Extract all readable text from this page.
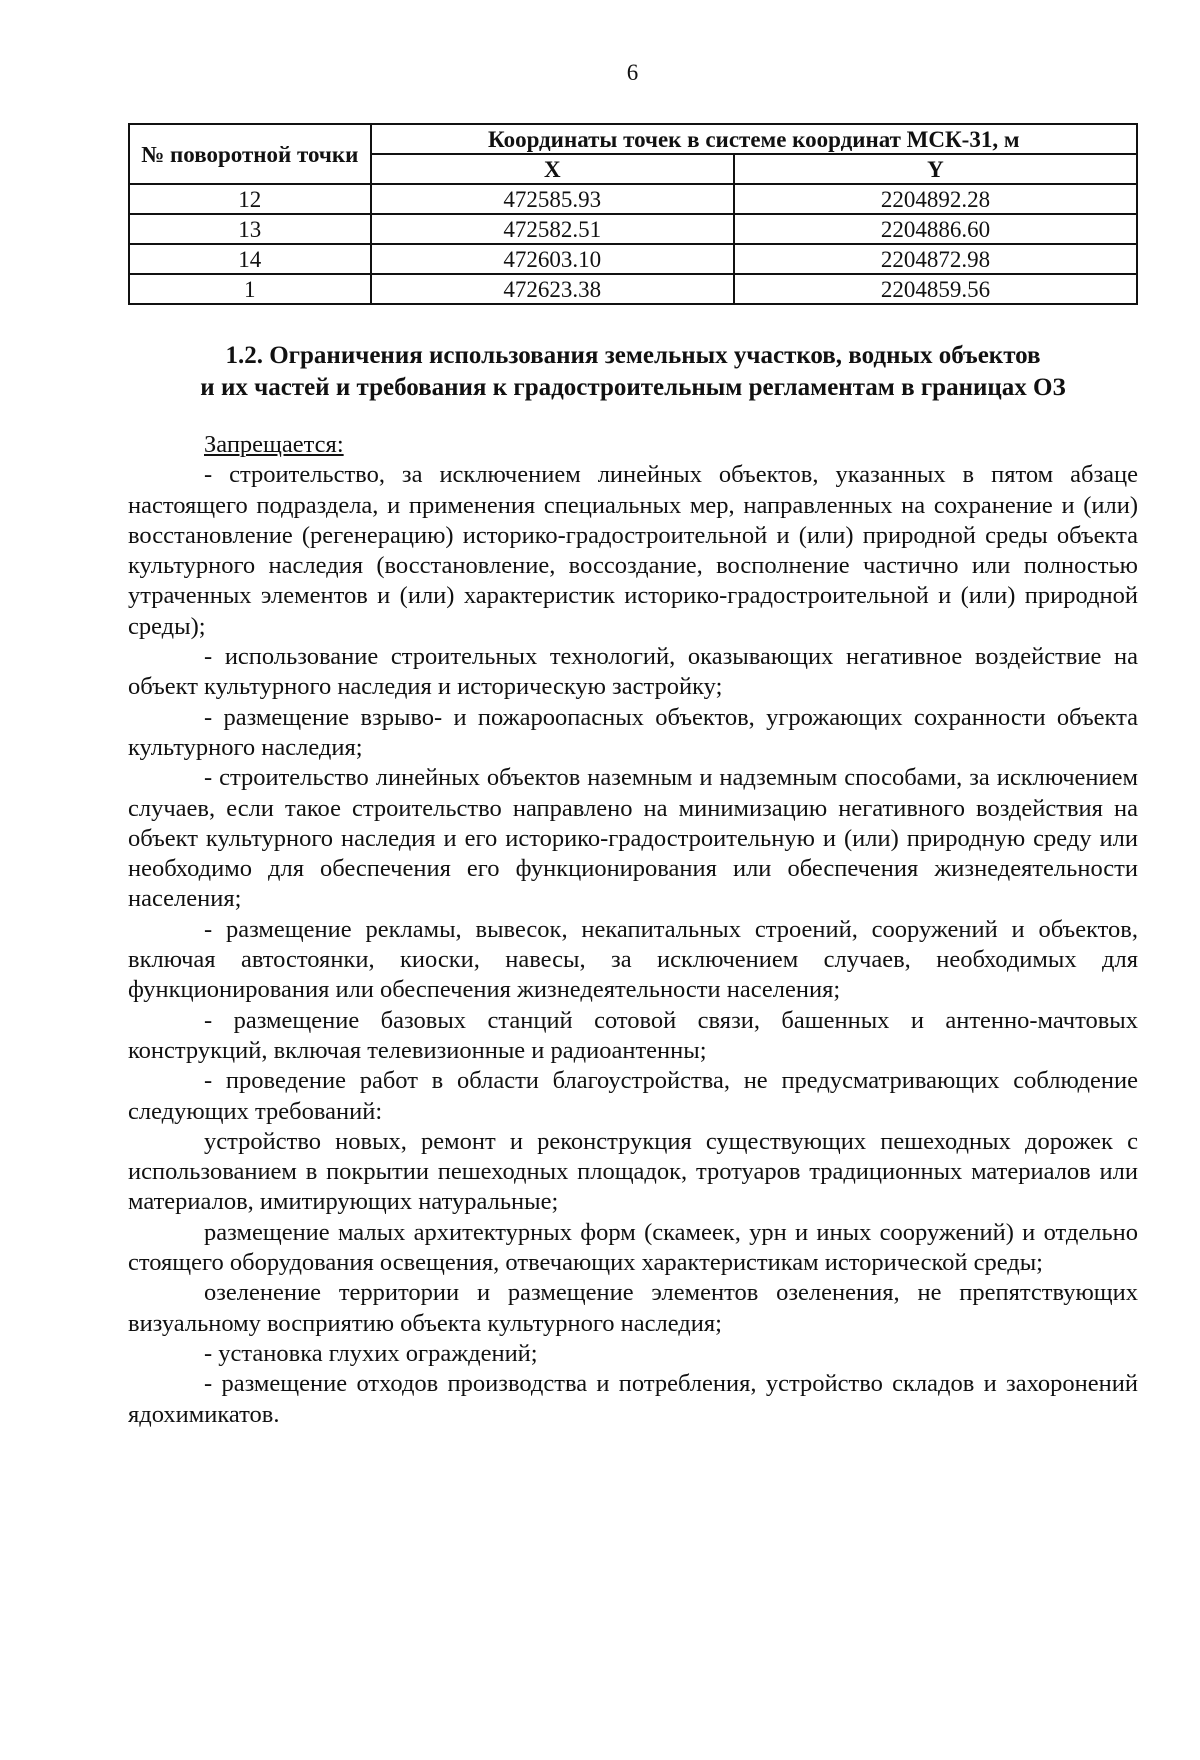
6
№ поворотной точки	Координаты точек в системе координат МСК-31, м	
	X	Y
12	472585.93	2204892.28
13	472582.51	2204886.60
14	472603.10	2204872.98
1	472623.38	2204859.56
1.2. Ограничения использования земельных участков, водных объектов
и их частей и требования к градостроительным регламентам в границах ОЗ

Запрещается:

- строительство, за исключением линейных объектов, указанных в пятом абзаце настоящего подраздела, и применения специальных мер, направленных на сохранение и (или) восстановление (регенерацию) историко-градостроительной и (или) природной среды объекта культурного наследия (восстановление, воссоздание, восполнение частично или полностью утраченных элементов и (или) характеристик историко-градостроительной и (или) природной среды);

- использование строительных технологий, оказывающих негативное воздействие на объект культурного наследия и историческую застройку;

- размещение взрыво- и пожароопасных объектов, угрожающих сохранности объекта культурного наследия;

- строительство линейных объектов наземным и надземным способами, за исключением случаев, если такое строительство направлено на минимизацию негативного воздействия на объект культурного наследия и его историко-градостроительную и (или) природную среду или необходимо для обеспечения его функционирования или обеспечения жизнедеятельности населения;

- размещение рекламы, вывесок, некапитальных строений, сооружений и объектов, включая автостоянки, киоски, навесы, за исключением случаев, необходимых для функционирования или обеспечения жизнедеятельности населения;

- размещение базовых станций сотовой связи, башенных и антенно-мачтовых конструкций, включая телевизионные и радиоантенны;

- проведение работ в области благоустройства, не предусматривающих соблюдение следующих требований:

устройство новых, ремонт и реконструкция существующих пешеходных дорожек с использованием в покрытии пешеходных площадок, тротуаров традиционных материалов или материалов, имитирующих натуральные;

размещение малых архитектурных форм (скамеек, урн и иных сооружений) и отдельно стоящего оборудования освещения, отвечающих характеристикам исторической среды;

озеленение территории и размещение элементов озеленения, не препятствующих визуальному восприятию объекта культурного наследия;

- установка глухих ограждений;

- размещение отходов производства и потребления, устройство складов и захоронений ядохимикатов.
